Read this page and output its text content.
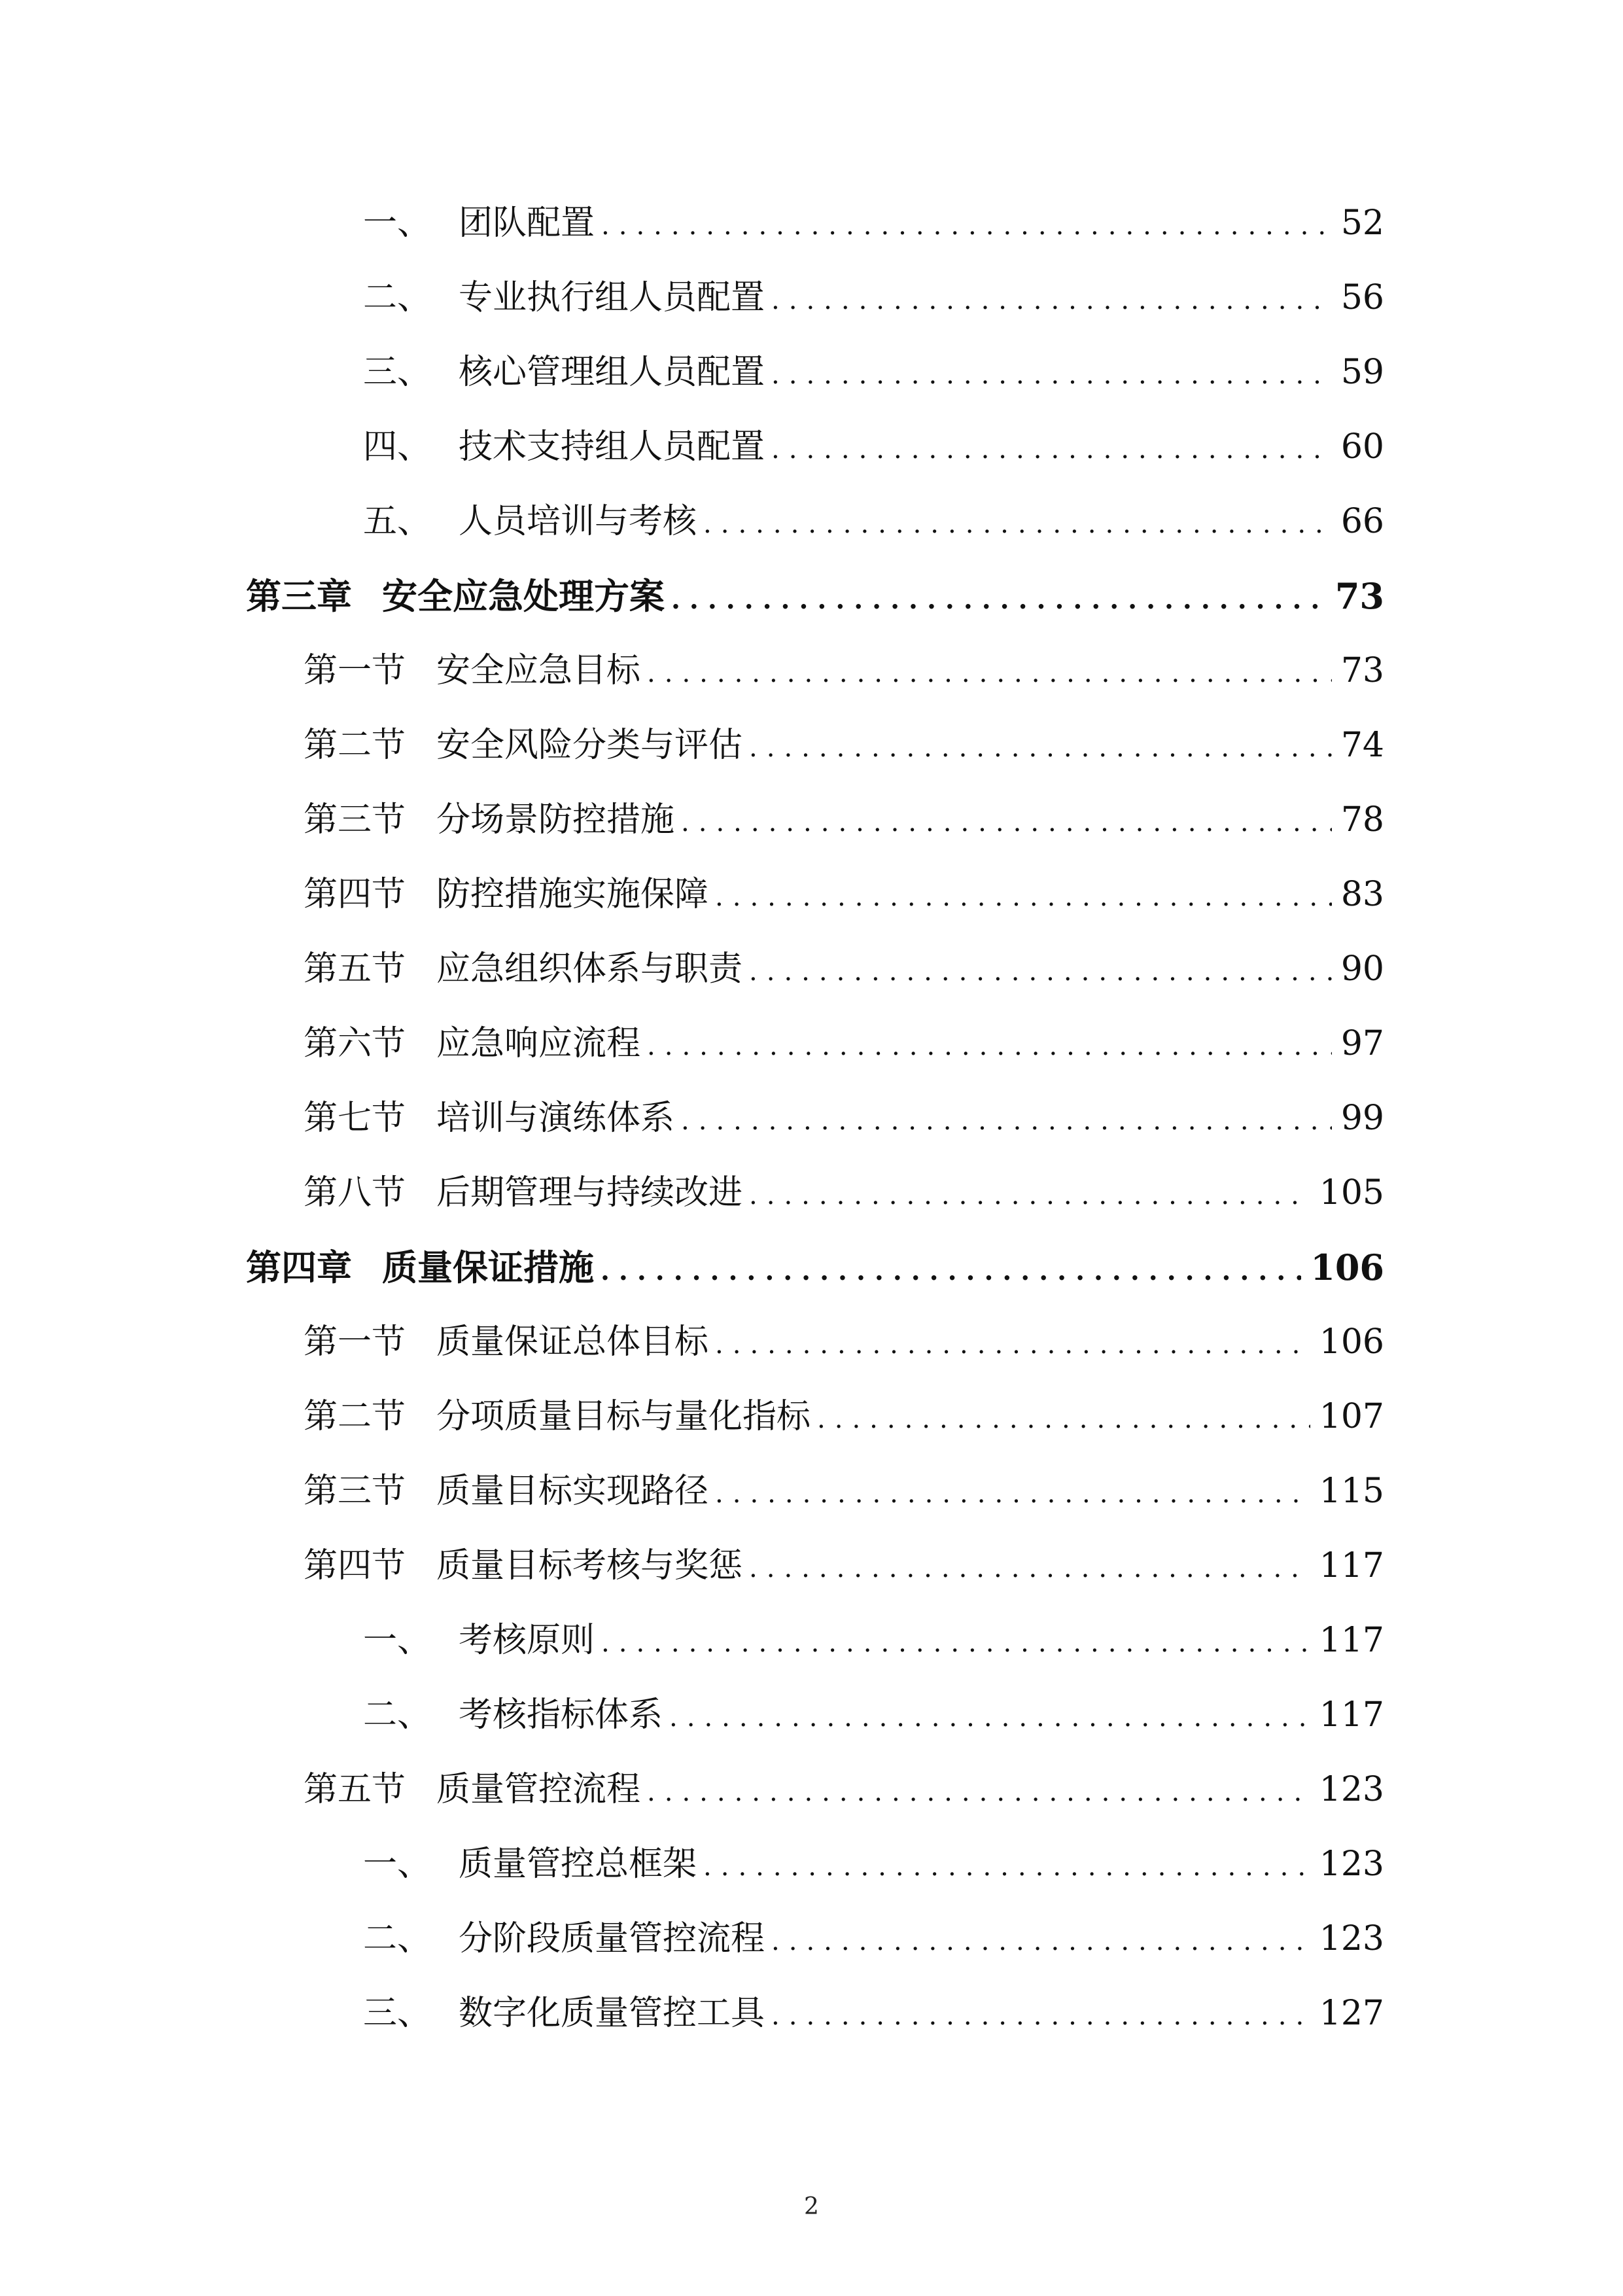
一、 团队配置 .....	52
二、 专业执行组人员配置 .....	56
三、 核心管理组人员配置 .....	59
四、 技术支持组人员配置 .....	60
五、 人员培训与考核 .....	66
第三章 安全应急处理方案 .....	73
第一节 安全应急目标 .....	73
第二节 安全风险分类与评估 .....	74
第三节 分场景防控措施 .....	78
第四节 防控措施实施保障 .....	83
第五节 应急组织体系与职责 .....	90
第六节 应急响应流程 .....	97
第七节 培训与演练体系 .....	99
第八节 后期管理与持续改进 .....	105
第四章 质量保证措施 .....	106
第一节 质量保证总体目标 .....	106
第二节 分项质量目标与量化指标 .....	107
第三节 质量目标实现路径 .....	115
第四节 质量目标考核与奖惩 .....	117
一、 考核原则 .....	117
二、 考核指标体系 .....	117
第五节 质量管控流程 .....	123
一、 质量管控总框架 .....	123
二、 分阶段质量管控流程 .....	123
三、 数字化质量管控工具 .....	127
2
